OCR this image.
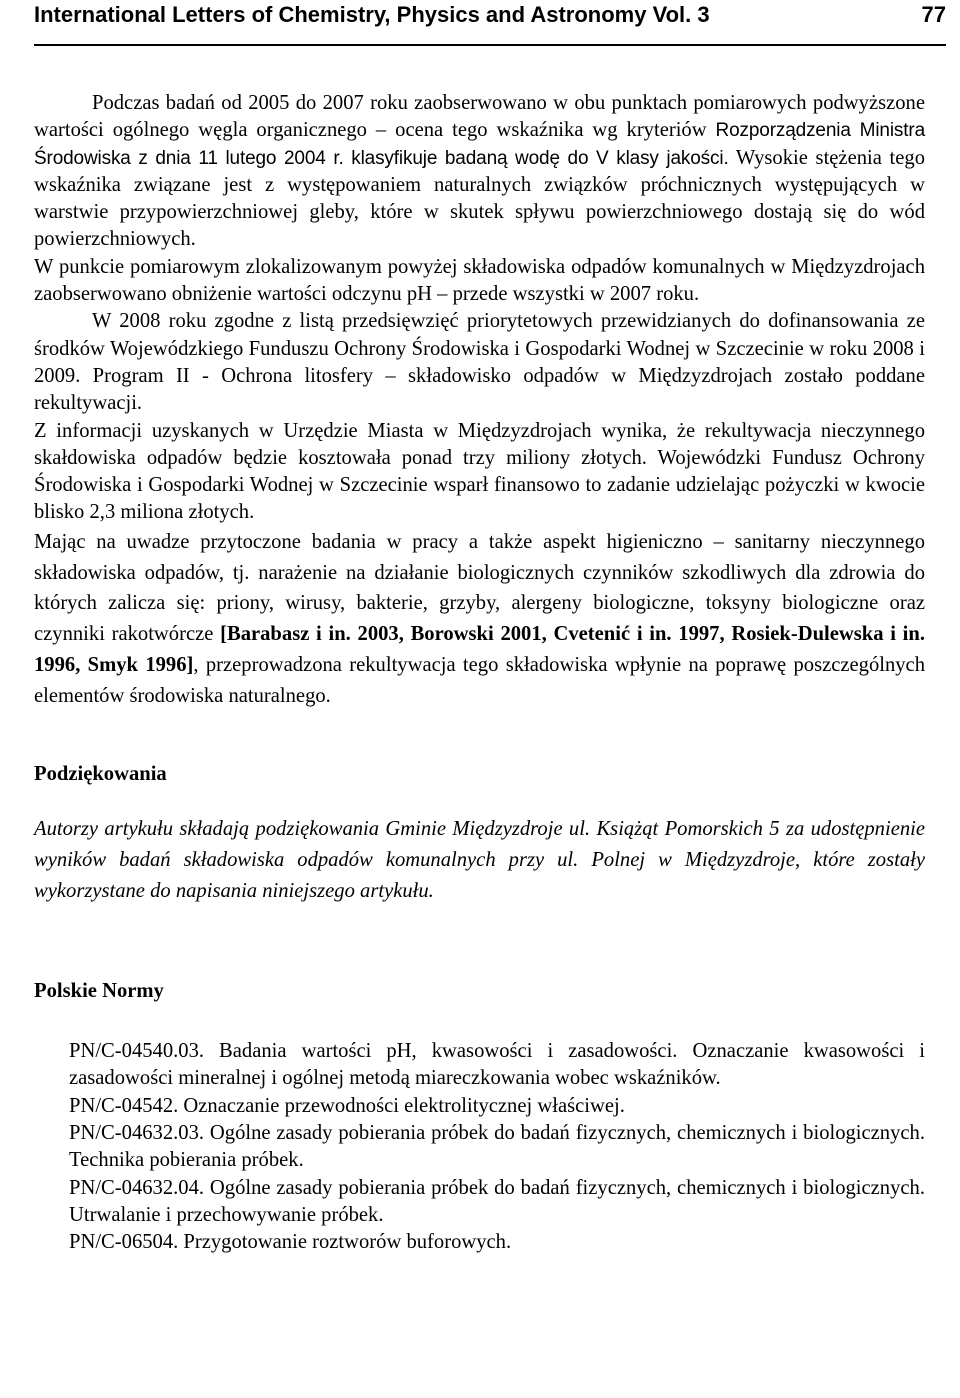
International Letters of Chemistry, Physics and Astronomy Vol. 3	77

Podczas badań od 2005 do 2007 roku zaobserwowano w obu punktach pomiarowych podwyższone wartości ogólnego węgla organicznego – ocena tego wskaźnika wg kryteriów Rozporządzenia Ministra Środowiska z dnia 11 lutego 2004 r. klasyfikuje badaną wodę do V klasy jakości. Wysokie stężenia tego wskaźnika związane jest z występowaniem naturalnych związków próchnicznych występujących w warstwie przypowierzchniowej gleby, które w skutek spływu powierzchniowego dostają się do wód powierzchniowych.

W punkcie pomiarowym zlokalizowanym powyżej składowiska odpadów komunalnych w Międzyzdrojach zaobserwowano obniżenie wartości odczynu pH – przede wszystki w 2007 roku.

W 2008 roku zgodne z listą przedsięwzięć priorytetowych przewidzianych do dofinansowania ze środków Wojewódzkiego Funduszu Ochrony Środowiska i Gospodarki Wodnej w Szczecinie w roku 2008 i 2009. Program II - Ochrona litosfery – składowisko odpadów w Międzyzdrojach zostało poddane rekultywacji.

Z informacji uzyskanych w Urzędzie Miasta w Międzyzdrojach wynika, że rekultywacja nieczynnego skałdowiska odpadów będzie kosztowała ponad trzy miliony złotych. Wojewódzki Fundusz Ochrony Środowiska i Gospodarki Wodnej w Szczecinie wsparł finansowo to zadanie udzielając pożyczki w kwocie blisko 2,3 miliona złotych.

Mając na uwadze przytoczone badania w pracy a także aspekt higieniczno – sanitarny nieczynnego składowiska odpadów, tj. narażenie na działanie biologicznych czynników szkodliwych dla zdrowia do których zalicza się: priony, wirusy, bakterie, grzyby, alergeny biologiczne, toksyny biologiczne oraz czynniki rakotwórcze [Barabasz i in. 2003, Borowski 2001, Cvetenić i in. 1997, Rosiek-Dulewska i in. 1996, Smyk 1996], przeprowadzona rekultywacja tego składowiska wpłynie na poprawę poszczególnych elementów środowiska naturalnego.

Podziękowania

Autorzy artykułu składają podziękowania Gminie Międzyzdroje ul. Książąt Pomorskich 5 za udostępnienie wyników badań składowiska odpadów komunalnych przy ul. Polnej w Międzyzdroje, które zostały wykorzystane do napisania niniejszego artykułu.

Polskie Normy

PN/C-04540.03. Badania wartości pH, kwasowości i zasadowości. Oznaczanie kwasowości i zasadowości mineralnej i ogólnej metodą miareczkowania wobec wskaźników.

PN/C-04542. Oznaczanie przewodności elektrolitycznej właściwej.

PN/C-04632.03. Ogólne zasady pobierania próbek do badań fizycznych, chemicznych i biologicznych. Technika pobierania próbek.

PN/C-04632.04. Ogólne zasady pobierania próbek do badań fizycznych, chemicznych i biologicznych. Utrwalanie i przechowywanie próbek.

PN/C-06504. Przygotowanie roztworów buforowych.
